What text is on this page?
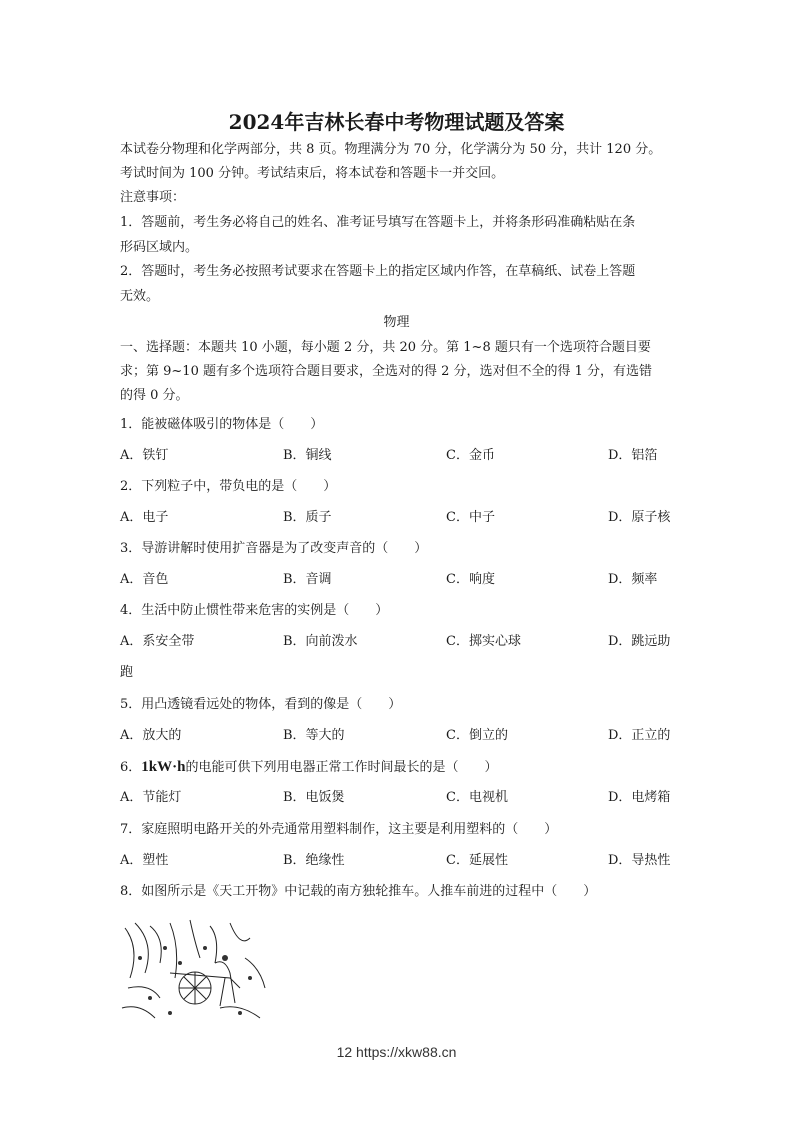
2024年吉林长春中考物理试题及答案
本试卷分物理和化学两部分，共 8 页。物理满分为 70 分，化学满分为 50 分，共计 120 分。
考试时间为 100 分钟。考试结束后，将本试卷和答题卡一并交回。
注意事项：
1．答题前，考生务必将自己的姓名、准考证号填写在答题卡上，并将条形码准确粘贴在条
形码区域内。
2．答题时，考生务必按照考试要求在答题卡上的指定区域内作答，在草稿纸、试卷上答题
无效。
物理
一、选择题：本题共 10 小题，每小题 2 分，共 20 分。第 1~8 题只有一个选项符合题目要
求；第 9~10 题有多个选项符合题目要求，全选对的得 2 分，选对但不全的得 1 分，有选错
的得 0 分。
1．能被磁体吸引的物体是（　　）
A．铁钉	B．铜线	C．金币	D．铝箔
2．下列粒子中，带负电的是（　　）
A．电子	B．质子	C．中子	D．原子核
3．导游讲解时使用扩音器是为了改变声音的（　　）
A．音色	B．音调	C．响度	D．频率
4．生活中防止惯性带来危害的实例是（　　）
A．系安全带	B．向前泼水	C．掷实心球	D．跳远助
跑
5．用凸透镜看远处的物体，看到的像是（　　）
A．放大的	B．等大的	C．倒立的	D．正立的
6．1kW·h的电能可供下列用电器正常工作时间最长的是（　　）
A．节能灯	B．电饭煲	C．电视机	D．电烤箱
7．家庭照明电路开关的外壳通常用塑料制作，这主要是利用塑料的（　　）
A．塑性	B．绝缘性	C．延展性	D．导热性
8．如图所示是《天工开物》中记载的南方独轮推车。人推车前进的过程中（　　）
12 https://xkw88.cn
